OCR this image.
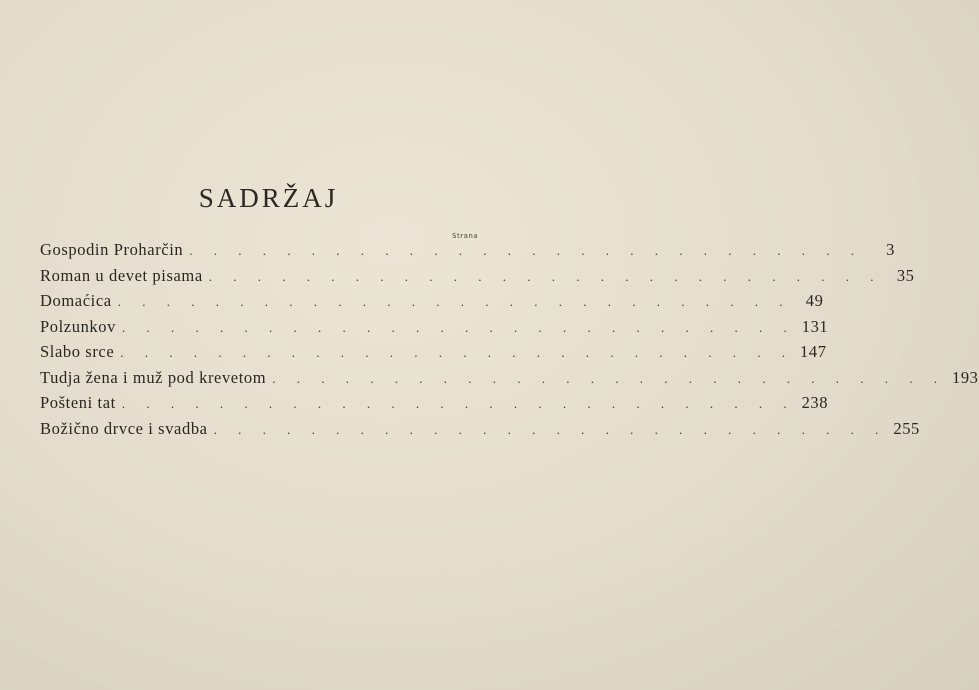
SADRŽAJ
Strana
Gospodin Proharčin . . . . . . . . . . . . . . . . . . . . . . . . . . . .	3
Roman u devet pisama . . . . . . . . . . . . . . . . . . . . . . . . . . . . 35
Domaćica . . . . . . . . . . . . . . . . . . . . . . . . . . . . 49
Polzunkov . . . . . . . . . . . . . . . . . . . . . . . . . . . . 131
Slabo srce . . . . . . . . . . . . . . . . . . . . . . . . . . . . 147
Tudja žena i muž pod krevetom . . . . . . . . . . . . . . . . . . . . . . . . . . . . 193
Pošteni tat . . . . . . . . . . . . . . . . . . . . . . . . . . . . 238
Božično drvce i svadba . . . . . . . . . . . . . . . . . . . . . . . . . . . . 255
